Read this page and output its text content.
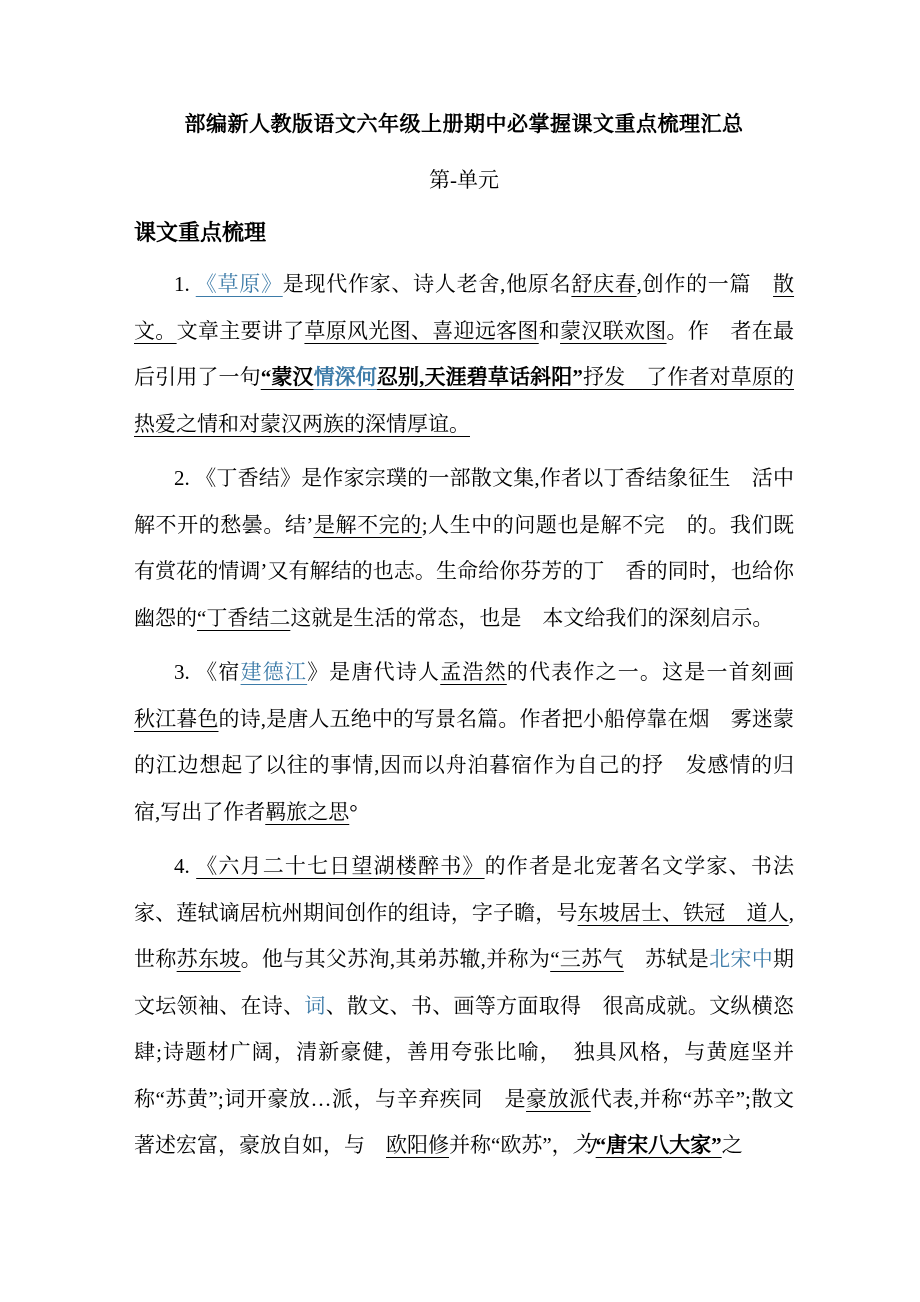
部编新人教版语文六年级上册期中必掌握课文重点梳理汇总
第-单元
课文重点梳理

1. 《草原》是现代作家、诗人老舍,他原名舒庆春,创作的一篇　散文。文章主要讲了草原风光图、喜迎远客图和蒙汉联欢图。作　者在最后引用了一句“蒙汉情深何忍别,天涯碧草话斜阳”抒发　了作者对草原的热爱之情和对蒙汉两族的深情厚谊。

2. 《丁香结》是作家宗璞的一部散文集,作者以丁香结象征生　活中解不开的愁曇。结’是解不完的;人生中的问题也是解不完　的。我们既有赏花的情调’又有解结的也志。生命给你芬芳的丁　香的同时，也给你幽怨的“丁香结二这就是生活的常态，也是　本文给我们的深刻启示。

3. 《宿建德江》是唐代诗人孟浩然的代表作之一。这是一首刻画　秋江暮色的诗,是唐人五绝中的写景名篇。作者把小船停靠在烟　雾迷蒙的江边想起了以往的事情,因而以舟泊暮宿作为自己的抒　发感情的归宿,写出了作者羁旅之思°

4. 《六月二十七日望湖楼醉书》的作者是北宠著名文学家、书法　家、莲轼谪居杭州期间创作的组诗，字子瞻，号东坡居士、铁冠　道人,世称苏东坡。他与其父苏洵,其弟苏辙,并称为“三苏气　苏轼是北宋中期文坛领袖、在诗、词、散文、书、画等方面取得　很高成就。文纵横恣肆;诗题材广阔，清新豪健，善用夸张比喻，　独具风格，与黄庭坚并称“苏黄”;词开豪放…派，与辛弃疾同　是豪放派代表,并称“苏辛”;散文　著述宏富，豪放自如，与　欧阳修并称“欧苏”，为“唐宋八大家”之
